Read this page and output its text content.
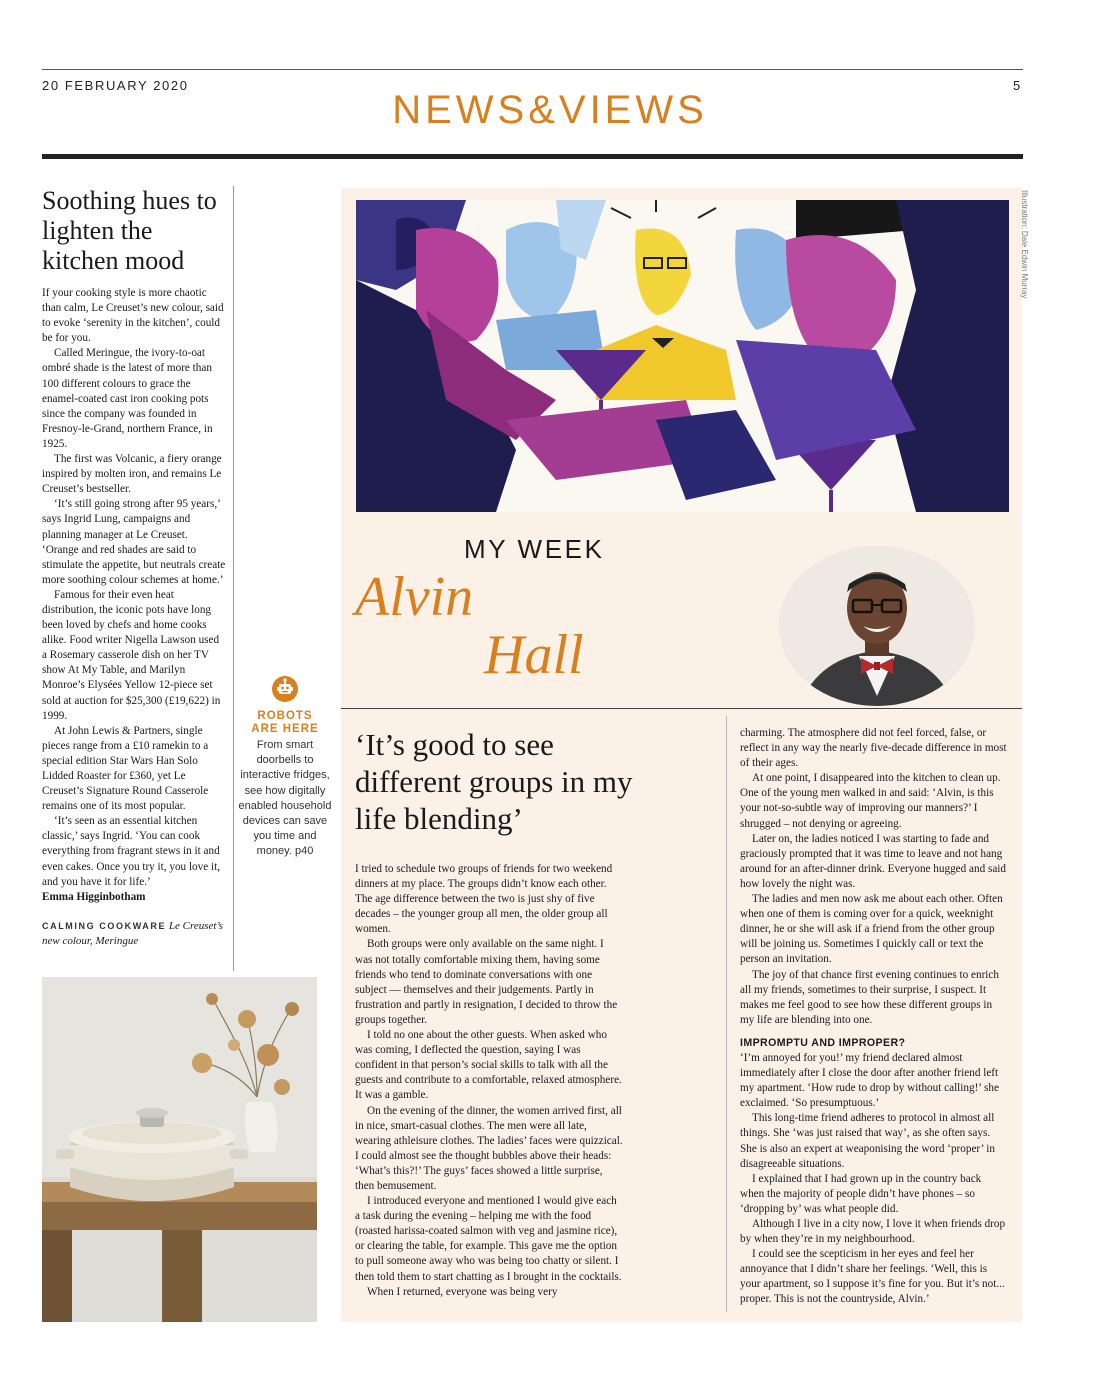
20 FEBRUARY 2020	5
NEWS&VIEWS
Soothing hues to lighten the kitchen mood

If your cooking style is more chaotic than calm, Le Creuset’s new colour, said to evoke ‘serenity in the kitchen’, could be for you.

Called Meringue, the ivory-to-oat ombré shade is the latest of more than 100 different colours to grace the enamel-coated cast iron cooking pots since the company was founded in Fresnoy-le-Grand, northern France, in 1925.

The first was Volcanic, a fiery orange inspired by molten iron, and remains Le Creuset’s bestseller.

‘It’s still going strong after 95 years,’ says Ingrid Lung, campaigns and planning manager at Le Creuset. ‘Orange and red shades are said to stimulate the appetite, but neutrals create more soothing colour schemes at home.’

Famous for their even heat distribution, the iconic pots have long been loved by chefs and home cooks alike. Food writer Nigella Lawson used a Rosemary casserole dish on her TV show At My Table, and Marilyn Monroe’s Elysées Yellow 12-piece set sold at auction for $25,300 (£19,622) in 1999.

At John Lewis & Partners, single pieces range from a £10 ramekin to a special edition Star Wars Han Solo Lidded Roaster for £360, yet Le Creuset’s Signature Round Casserole remains one of its most popular.

‘It’s seen as an essential kitchen classic,’ says Ingrid. ‘You can cook everything from fragrant stews in it and even cakes. Once you try it, you love it, and you have it for life.’

Emma Higginbotham

CALMING COOKWARE Le Creuset’s new colour, Meringue

ROBOTS
ARE HERE
From smart doorbells to interactive fridges, see how digitally enabled household devices can save you time and money. p40
Illustration: Dale Edwin Murray
MY WEEK
Alvin
Hall
‘It’s good to see different groups in my life blending’

I tried to schedule two groups of friends for two weekend dinners at my place. The groups didn’t know each other. The age difference between the two is just shy of five decades – the younger group all men, the older group all women.

Both groups were only available on the same night. I was not totally comfortable mixing them, having some friends who tend to dominate conversations with one subject — themselves and their judgements. Partly in frustration and partly in resignation, I decided to throw the groups together.

I told no one about the other guests. When asked who was coming, I deflected the question, saying I was confident in that person’s social skills to talk with all the guests and contribute to a comfortable, relaxed atmosphere. It was a gamble.

On the evening of the dinner, the women arrived first, all in nice, smart-casual clothes. The men were all late, wearing athleisure clothes. The ladies’ faces were quizzical. I could almost see the thought bubbles above their heads: ‘What’s this?!’ The guys’ faces showed a little surprise, then bemusement.

I introduced everyone and mentioned I would give each a task during the evening – helping me with the food (roasted harissa-coated salmon with veg and jasmine rice), or clearing the table, for example. This gave me the option to pull someone away who was being too chatty or silent. I then told them to start chatting as I brought in the cocktails.

When I returned, everyone was being very

charming. The atmosphere did not feel forced, false, or reflect in any way the nearly five-decade difference in most of their ages.

At one point, I disappeared into the kitchen to clean up. One of the young men walked in and said: ‘Alvin, is this your not-so-subtle way of improving our manners?’ I shrugged – not denying or agreeing.

Later on, the ladies noticed I was starting to fade and graciously prompted that it was time to leave and not hang around for an after-dinner drink. Everyone hugged and said how lovely the night was.

The ladies and men now ask me about each other. Often when one of them is coming over for a quick, weeknight dinner, he or she will ask if a friend from the other group will be joining us. Sometimes I quickly call or text the person an invitation.

The joy of that chance first evening continues to enrich all my friends, sometimes to their surprise, I suspect. It makes me feel good to see how these different groups in my life are blending into one.

IMPROMPTU AND IMPROPER?

‘I’m annoyed for you!’ my friend declared almost immediately after I close the door after another friend left my apartment. ‘How rude to drop by without calling!’ she exclaimed. ‘So presumptuous.’

This long-time friend adheres to protocol in almost all things. She ‘was just raised that way’, as she often says. She is also an expert at weaponising the word ‘proper’ in disagreeable situations.

I explained that I had grown up in the country back when the majority of people didn’t have phones – so ‘dropping by’ was what people did.

Although I live in a city now, I love it when friends drop by when they’re in my neighbourhood.

I could see the scepticism in her eyes and feel her annoyance that I didn’t share her feelings. ‘Well, this is your apartment, so I suppose it’s fine for you. But it’s not... proper. This is not the countryside, Alvin.’
